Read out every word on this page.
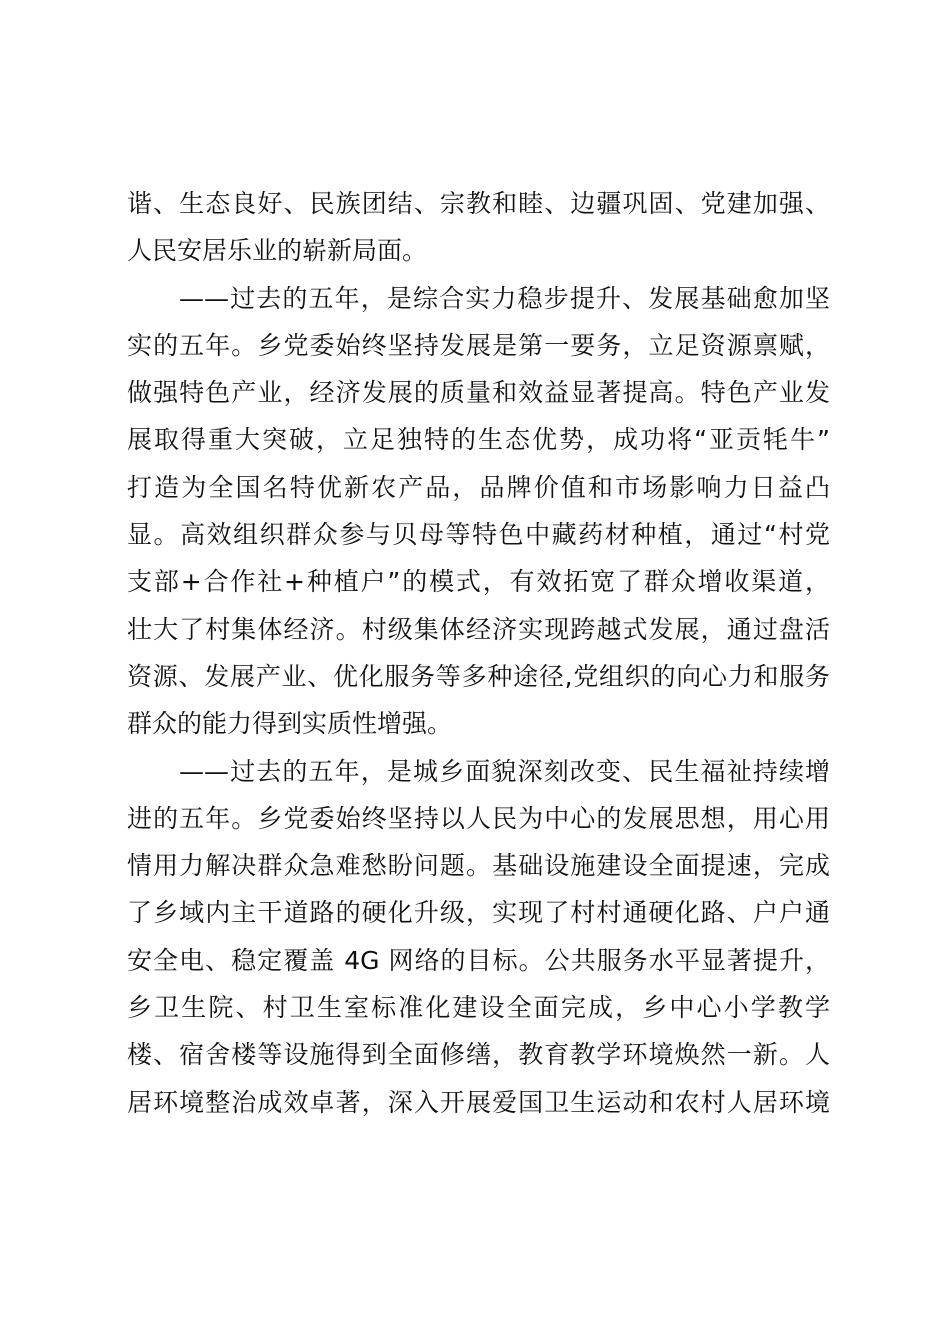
谐、生态良好、民族团结、宗教和睦、边疆巩固、党建加强、
人民安居乐业的崭新局面。
——过去的五年，是综合实力稳步提升、发展基础愈加坚
实的五年。乡党委始终坚持发展是第一要务，立足资源禀赋，
做强特色产业，经济发展的质量和效益显著提高。特色产业发
展取得重大突破，立足独特的生态优势，成功将“亚贡牦牛”
打造为全国名特优新农产品，品牌价值和市场影响力日益凸
显。高效组织群众参与贝母等特色中藏药材种植，通过“村党
支部+合作社+种植户”的模式，有效拓宽了群众增收渠道，
壮大了村集体经济。村级集体经济实现跨越式发展，通过盘活
资源、发展产业、优化服务等多种途径,党组织的向心力和服务
群众的能力得到实质性增强。
——过去的五年，是城乡面貌深刻改变、民生福祉持续增
进的五年。乡党委始终坚持以人民为中心的发展思想，用心用
情用力解决群众急难愁盼问题。基础设施建设全面提速，完成
了乡域内主干道路的硬化升级，实现了村村通硬化路、户户通
安全电、稳定覆盖 4G 网络的目标。公共服务水平显著提升，
乡卫生院、村卫生室标准化建设全面完成，乡中心小学教学
楼、宿舍楼等设施得到全面修缮，教育教学环境焕然一新。人
居环境整治成效卓著，深入开展爱国卫生运动和农村人居环境
